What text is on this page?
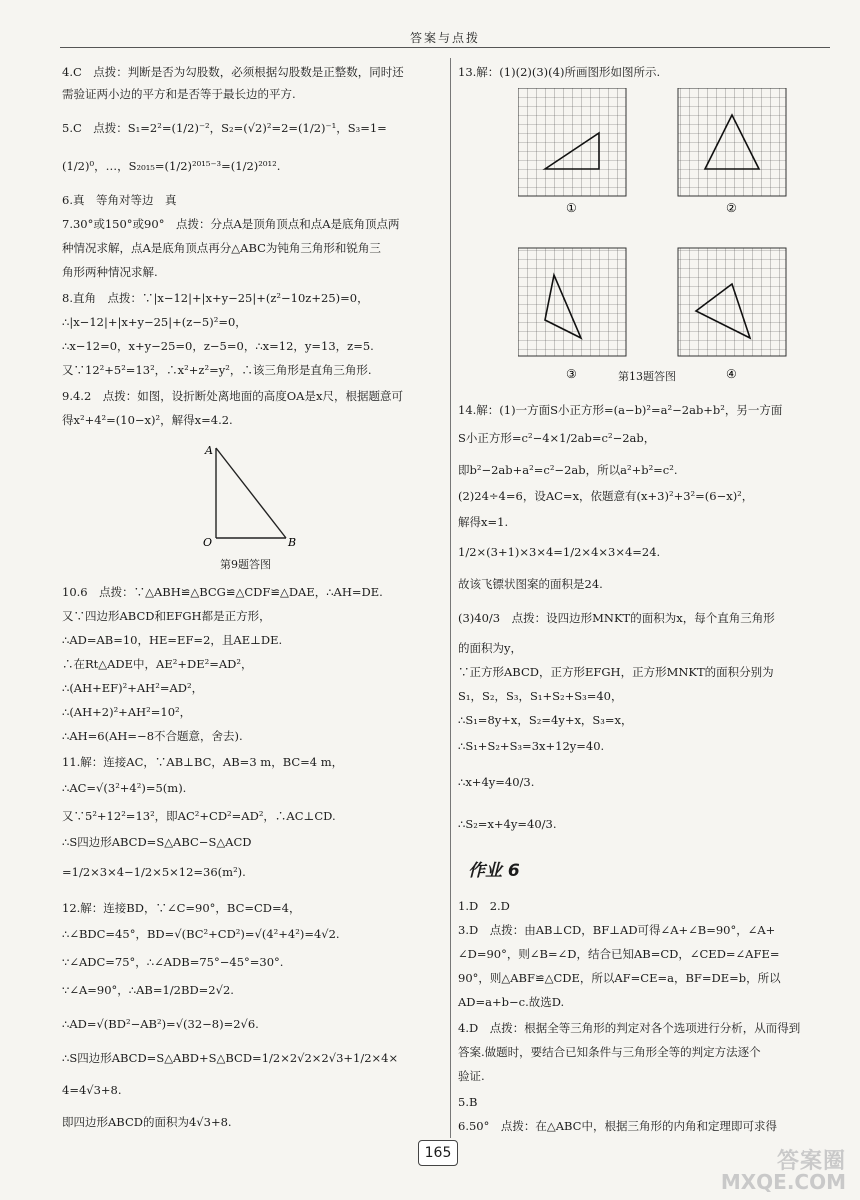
答案与点拨
4.C　点拨：判断是否为勾股数，必须根据勾股数是正整数，同时还
需验证两小边的平方和是否等于最长边的平方.
5.C　点拨：S₁=2²=(1/2)⁻²，S₂=(√2)²=2=(1/2)⁻¹，S₃=1=
(1/2)⁰，…，S₂₀₁₅=(1/2)²⁰¹⁵⁻³=(1/2)²⁰¹².
6.真　等角对等边　真
7.30°或150°或90°　点拨：分点A是顶角顶点和点A是底角顶点两
种情况求解，点A是底角顶点再分△ABC为钝角三角形和锐角三
角形两种情况求解.
8.直角　点拨：∵|x−12|+|x+y−25|+(z²−10z+25)=0，
∴|x−12|+|x+y−25|+(z−5)²=0，
∴x−12=0，x+y−25=0，z−5=0，∴x=12，y=13，z=5.
又∵12²+5²=13²，∴x²+z²=y²，∴该三角形是直角三角形.
9.4.2　点拨：如图，设折断处离地面的高度OA是x尺，根据题意可
得x²+4²=(10−x)²，解得x=4.2.
A
O	B
第9题答图
10.6　点拨：∵△ABH≌△BCG≌△CDF≌△DAE，∴AH=DE.
又∵四边形ABCD和EFGH都是正方形，
∴AD=AB=10，HE=EF=2，且AE⊥DE.
∴在Rt△ADE中，AE²+DE²=AD²，
∴(AH+EF)²+AH²=AD²，
∴(AH+2)²+AH²=10²，
∴AH=6(AH=−8不合题意，舍去).
11.解：连接AC，∵AB⊥BC，AB=3 m，BC=4 m，
∴AC=√(3²+4²)=5(m).
又∵5²+12²=13²，即AC²+CD²=AD²，∴AC⊥CD.
∴S四边形ABCD=S△ABC−S△ACD
=1/2×3×4−1/2×5×12=36(m²).
12.解：连接BD，∵∠C=90°，BC=CD=4，
∴∠BDC=45°，BD=√(BC²+CD²)=√(4²+4²)=4√2.
∵∠ADC=75°，∴∠ADB=75°−45°=30°.
∵∠A=90°，∴AB=1/2BD=2√2.
∴AD=√(BD²−AB²)=√(32−8)=2√6.
∴S四边形ABCD=S△ABD+S△BCD=1/2×2√2×2√3+1/2×4×
4=4√3+8.
即四边形ABCD的面积为4√3+8.
13.解：(1)(2)(3)(4)所画图形如图所示.
①	②
③	④
第13题答图
14.解：(1)一方面S小正方形=(a−b)²=a²−2ab+b²，另一方面
S小正方形=c²−4×1/2ab=c²−2ab，
即b²−2ab+a²=c²−2ab，所以a²+b²=c².
(2)24÷4=6，设AC=x，依题意有(x+3)²+3²=(6−x)²，
解得x=1.
1/2×(3+1)×3×4=1/2×4×3×4=24.
故该飞镖状图案的面积是24.
(3)40/3　点拨：设四边形MNKT的面积为x，每个直角三角形
的面积为y，
∵正方形ABCD，正方形EFGH，正方形MNKT的面积分别为
S₁，S₂，S₃，S₁+S₂+S₃=40，
∴S₁=8y+x，S₂=4y+x，S₃=x，
∴S₁+S₂+S₃=3x+12y=40.
∴x+4y=40/3.
∴S₂=x+4y=40/3.
作业 6
1.D　2.D
3.D　点拨：由AB⊥CD，BF⊥AD可得∠A+∠B=90°，∠A+
∠D=90°，则∠B=∠D，结合已知AB=CD，∠CED=∠AFE=
90°，则△ABF≌△CDE，所以AF=CE=a，BF=DE=b，所以
AD=a+b−c.故选D.
4.D　点拨：根据全等三角形的判定对各个选项进行分析，从而得到
答案.做题时，要结合已知条件与三角形全等的判定方法逐个
验证.
5.B
6.50°　点拨：在△ABC中，根据三角形的内角和定理即可求得
165	答案圈
MXQE.COM
